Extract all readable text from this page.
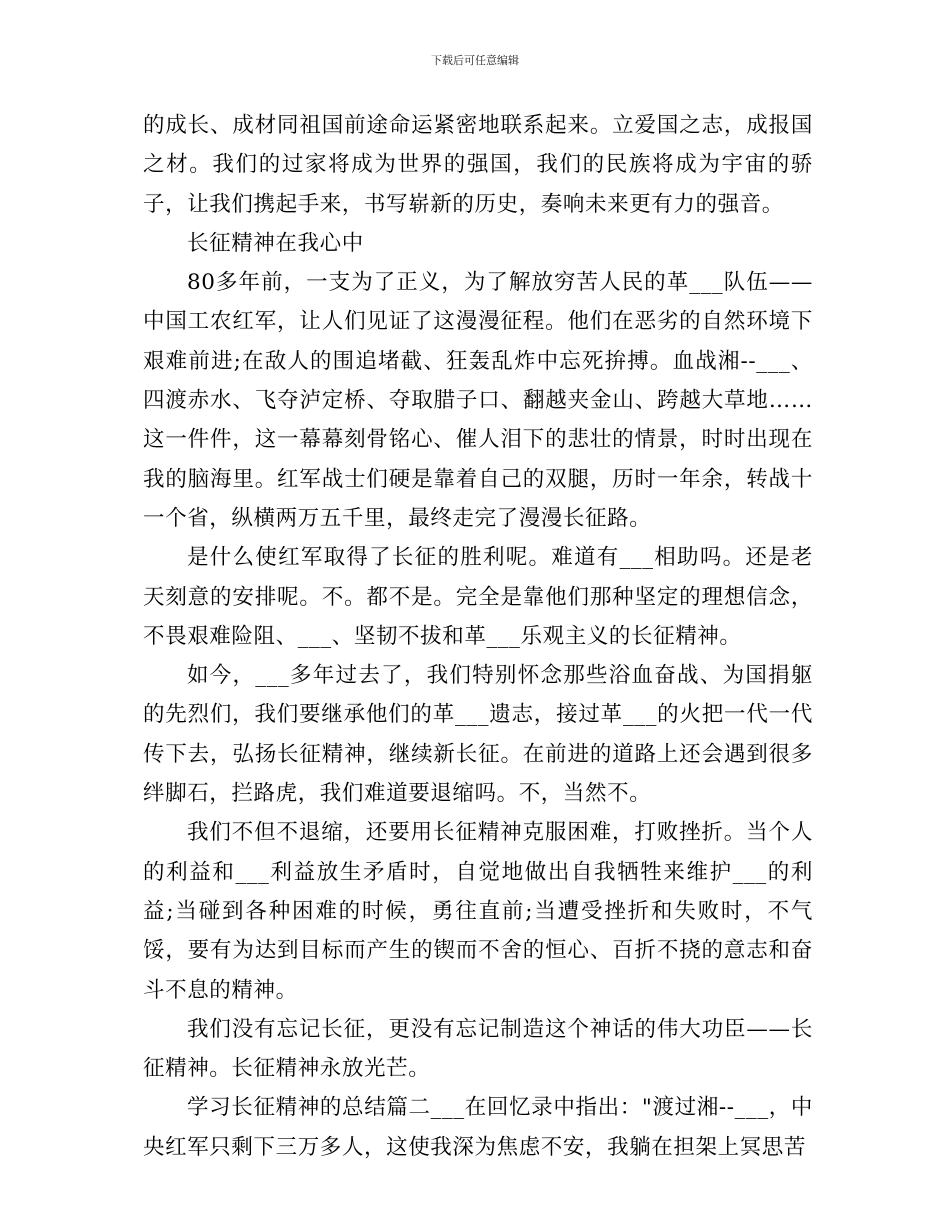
下载后可任意编辑

的成长、成材同祖国前途命运紧密地联系起来。立爱国之志，成报国之材。我们的过家将成为世界的强国，我们的民族将成为宇宙的骄子，让我们携起手来，书写崭新的历史，奏响未来更有力的强音。

长征精神在我心中

80多年前，一支为了正义，为了解放穷苦人民的革___队伍——中国工农红军，让人们见证了这漫漫征程。他们在恶劣的自然环境下艰难前进;在敌人的围追堵截、狂轰乱炸中忘死拚搏。血战湘--___、四渡赤水、飞夺泸定桥、夺取腊子口、翻越夹金山、跨越大草地……这一件件，这一幕幕刻骨铭心、催人泪下的悲壮的情景，时时出现在我的脑海里。红军战士们硬是靠着自己的双腿，历时一年余，转战十一个省，纵横两万五千里，最终走完了漫漫长征路。

是什么使红军取得了长征的胜利呢。难道有___相助吗。还是老天刻意的安排呢。不。都不是。完全是靠他们那种坚定的理想信念，不畏艰难险阻、___、坚韧不拔和革___乐观主义的长征精神。

如今，___多年过去了，我们特别怀念那些浴血奋战、为国捐躯的先烈们，我们要继承他们的革___遗志，接过革___的火把一代一代传下去，弘扬长征精神，继续新长征。在前进的道路上还会遇到很多绊脚石，拦路虎，我们难道要退缩吗。不，当然不。

我们不但不退缩，还要用长征精神克服困难，打败挫折。当个人的利益和___利益放生矛盾时，自觉地做出自我牺牲来维护___的利益;当碰到各种困难的时候，勇往直前;当遭受挫折和失败时，不气馁，要有为达到目标而产生的锲而不舍的恒心、百折不挠的意志和奋斗不息的精神。

我们没有忘记长征，更没有忘记制造这个神话的伟大功臣——长征精神。长征精神永放光芒。

学习长征精神的总结篇二___在回忆录中指出："渡过湘--___，中央红军只剩下三万多人，这使我深为焦虑不安，我躺在担架上冥思苦
